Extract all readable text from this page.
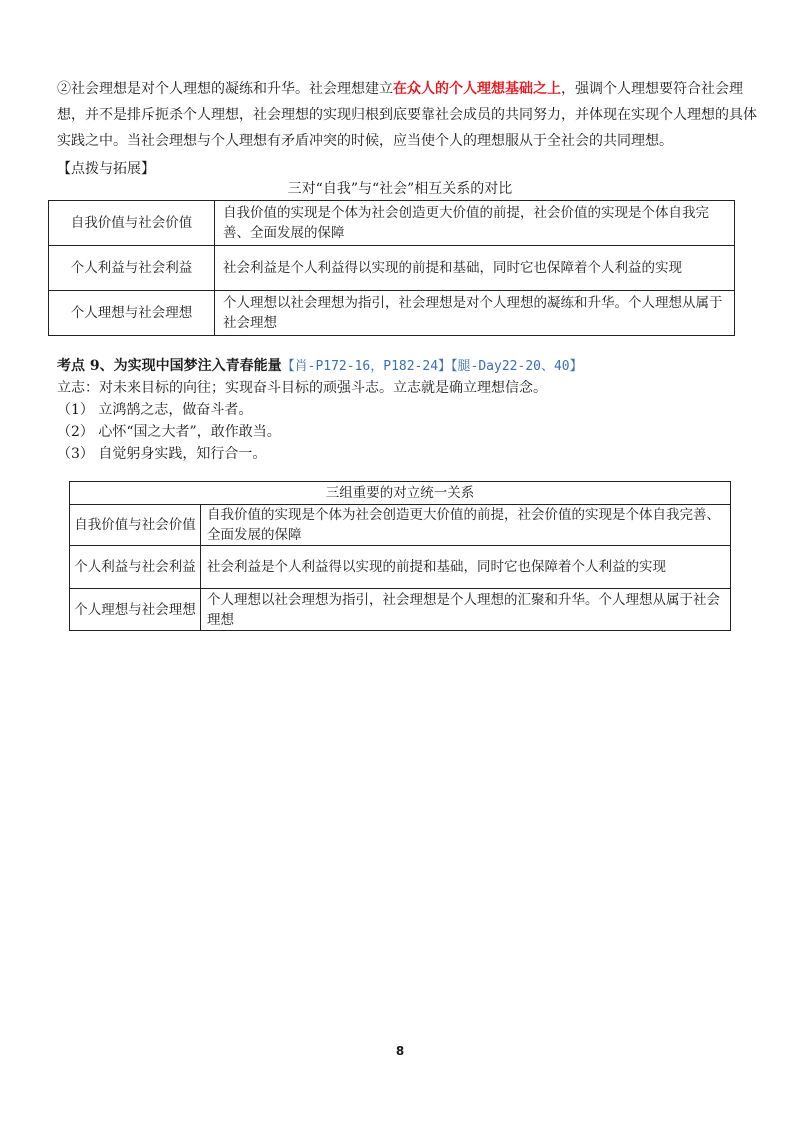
②社会理想是对个人理想的凝练和升华。社会理想建立在众人的个人理想基础之上，强调个人理想要符合社会理想，并不是排斥扼杀个人理想，社会理想的实现归根到底要靠社会成员的共同努力，并体现在实现个人理想的具体实践之中。当社会理想与个人理想有矛盾冲突的时候，应当使个人的理想服从于全社会的共同理想。

【点拨与拓展】
三对“自我”与“社会”相互关系的对比
自我价值与社会价值	自我价值的实现是个体为社会创造更大价值的前提，社会价值的实现是个体自我完善、全面发展的保障
个人利益与社会利益	社会利益是个人利益得以实现的前提和基础，同时它也保障着个人利益的实现
个人理想与社会理想	个人理想以社会理想为指引，社会理想是对个人理想的凝练和升华。个人理想从属于社会理想
考点 9、为实现中国梦注入青春能量【肖-P172-16，P182-24】【腿-Day22-20、40】
立志：对未来目标的向往；实现奋斗目标的顽强斗志。立志就是确立理想信念。
（1） 立鸿鹄之志，做奋斗者。
（2） 心怀“国之大者”，敢作敢当。
（3） 自觉躬身实践，知行合一。
三组重要的对立统一关系	
自我价值与社会价值	自我价值的实现是个体为社会创造更大价值的前提，社会价值的实现是个体自我完善、全面发展的保障
个人利益与社会利益	社会利益是个人利益得以实现的前提和基础，同时它也保障着个人利益的实现
个人理想与社会理想	个人理想以社会理想为指引，社会理想是个人理想的汇聚和升华。个人理想从属于社会理想
8
